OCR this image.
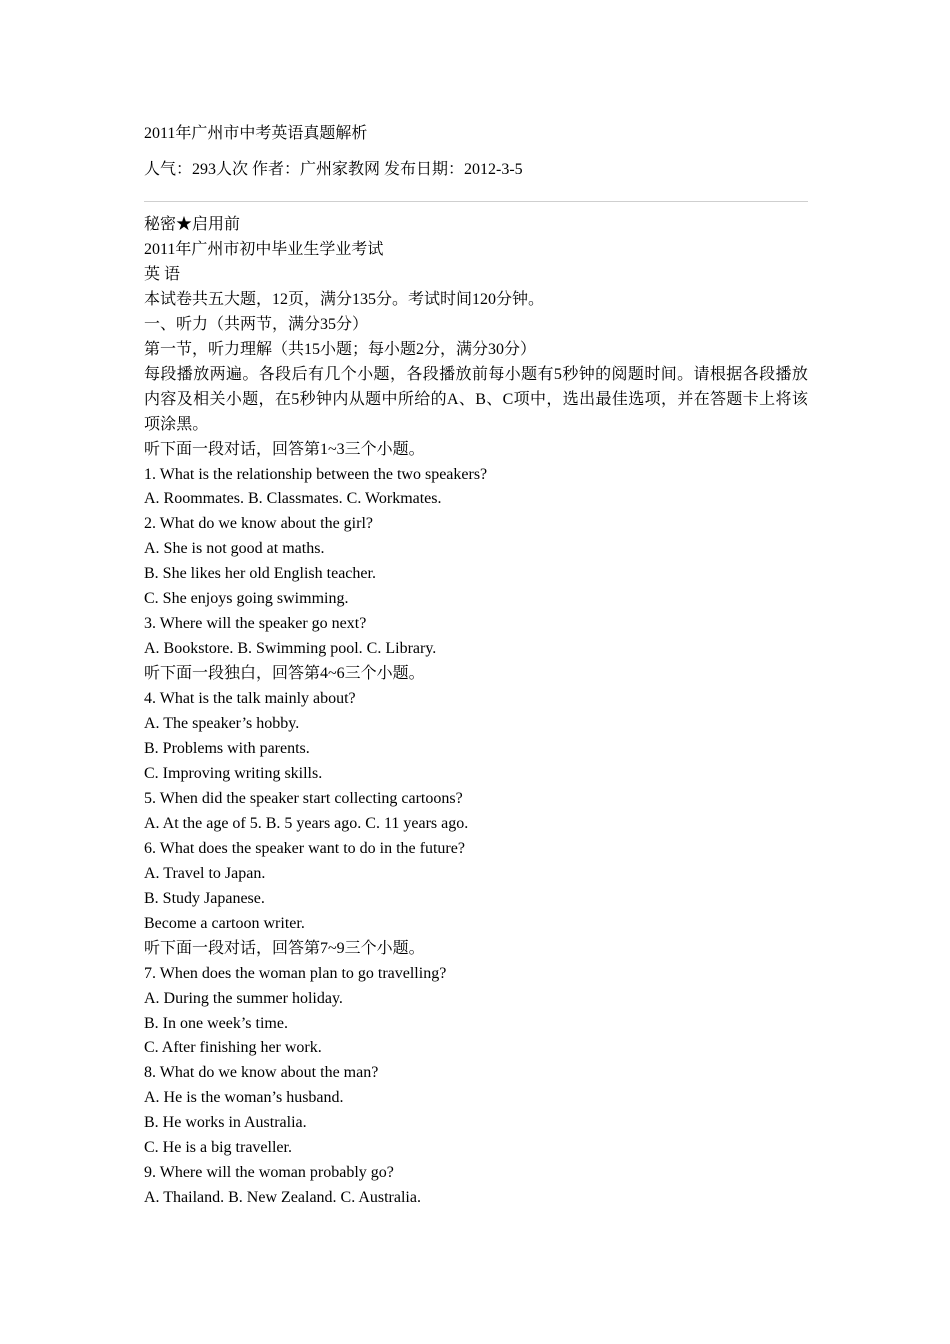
2011年广州市中考英语真题解析

人气：293人次 作者：广州家教网 发布日期：2012-3-5

秘密★启用前

2011年广州市初中毕业生学业考试

英 语

本试卷共五大题，12页，满分135分。考试时间120分钟。

一、听力（共两节，满分35分）

第一节，听力理解（共15小题；每小题2分，满分30分）

每段播放两遍。各段后有几个小题，各段播放前每小题有5秒钟的阅题时间。请根据各段播放内容及相关小题，在5秒钟内从题中所给的A、B、C项中，选出最佳选项，并在答题卡上将该项涂黑。

听下面一段对话，回答第1~3三个小题。

1. What is the relationship between the two speakers?

A. Roommates. B. Classmates. C. Workmates.

2. What do we know about the girl?

A. She is not good at maths.

B. She likes her old English teacher.

C. She enjoys going swimming.

3. Where will the speaker go next?

A. Bookstore. B. Swimming pool. C. Library.

听下面一段独白，回答第4~6三个小题。

4. What is the talk mainly about?

A. The speaker’s hobby.

B. Problems with parents.

C. Improving writing skills.

5. When did the speaker start collecting cartoons?

A. At the age of 5. B. 5 years ago. C. 11 years ago.

6. What does the speaker want to do in the future?

A. Travel to Japan.

B. Study Japanese.

Become a cartoon writer.

听下面一段对话，回答第7~9三个小题。

7. When does the woman plan to go travelling?

A. During the summer holiday.

B. In one week’s time.

C. After finishing her work.

8. What do we know about the man?

A. He is the woman’s husband.

B. He works in Australia.

C. He is a big traveller.

9. Where will the woman probably go?

A. Thailand. B. New Zealand. C. Australia.
